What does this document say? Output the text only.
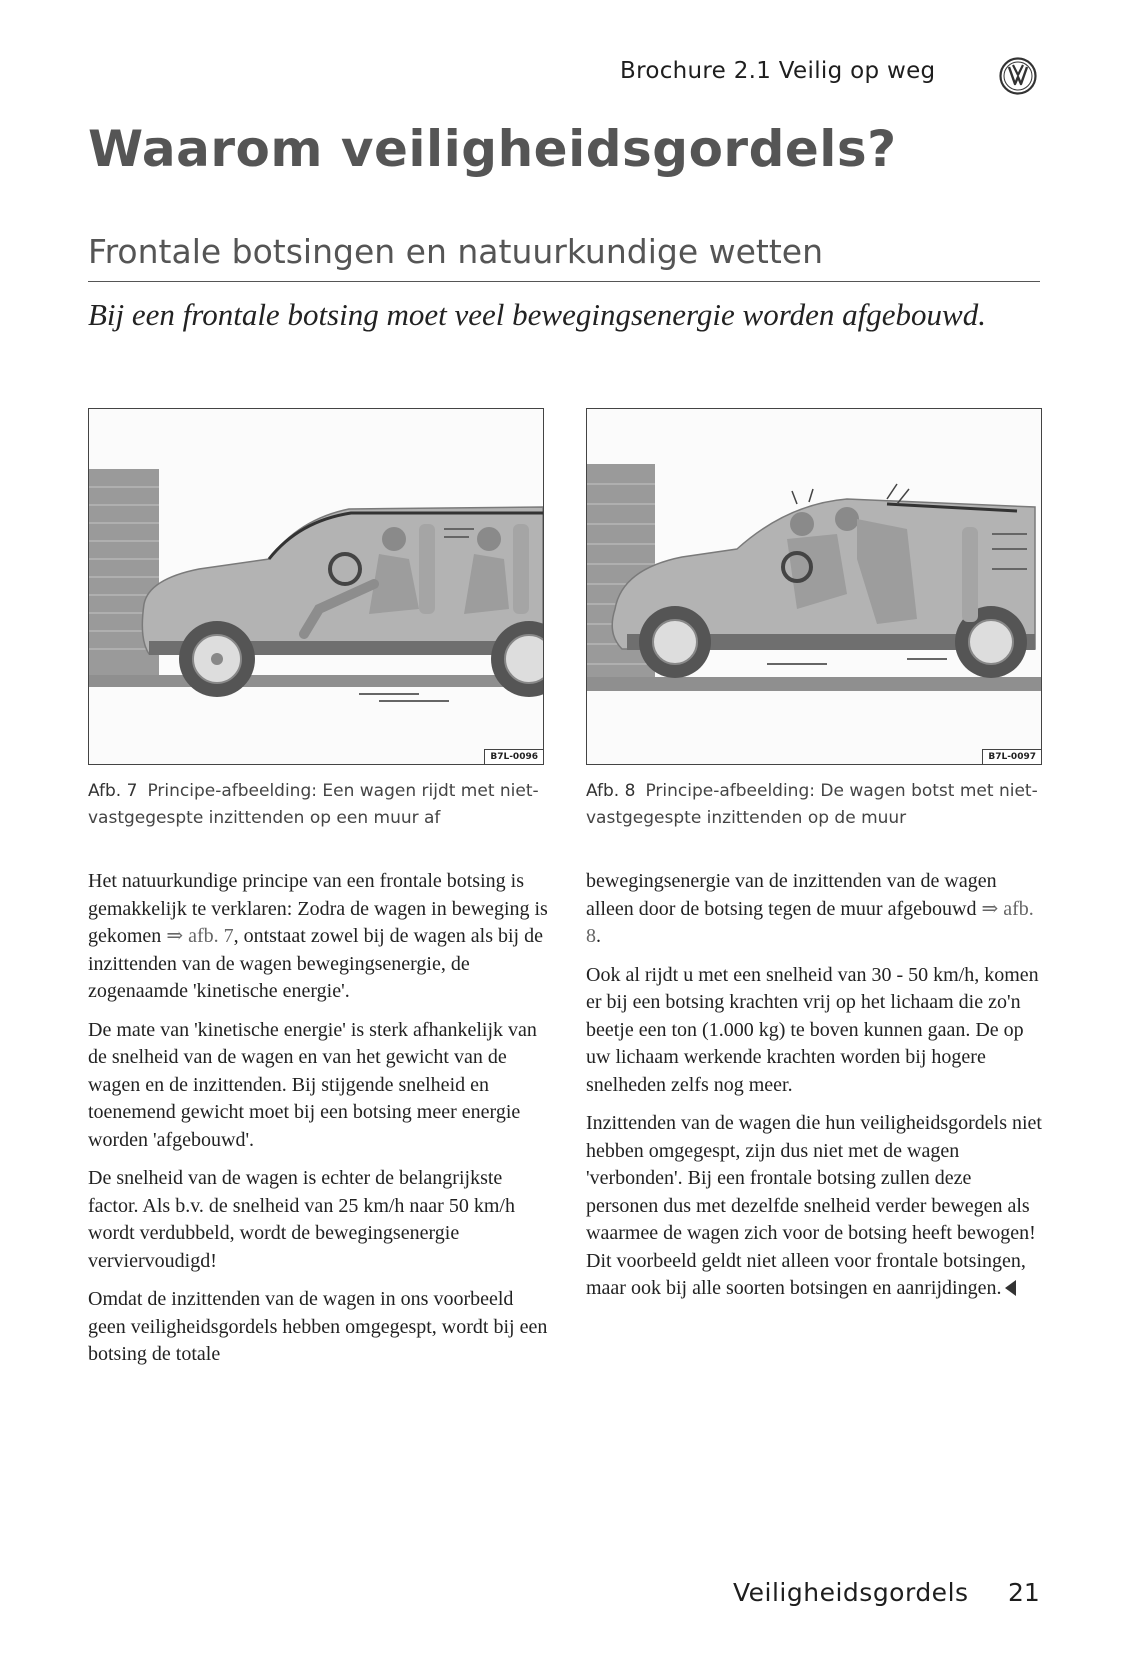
Brochure 2.1 Veilig op weg
Waarom veiligheidsgordels?
Frontale botsingen en natuurkundige wetten

Bij een frontale botsing moet veel bewegingsenergie worden afgebouwd.

B7L-0096	B7L-0097
Afb. 7 Principe-afbeelding: Een wagen rijdt met niet-vastgegespte inzittenden op een muur af
Afb. 8 Principe-afbeelding: De wagen botst met niet-vastgegespte inzittenden op de muur

Het natuurkundige principe van een frontale botsing is gemakkelijk te verklaren: Zodra de wagen in beweging is gekomen ⇒ afb. 7, ontstaat zowel bij de wagen als bij de inzittenden van de wagen bewegingsenergie, de zogenaamde 'kinetische energie'.

De mate van 'kinetische energie' is sterk afhankelijk van de snelheid van de wagen en van het gewicht van de wagen en de inzittenden. Bij stijgende snelheid en toenemend gewicht moet bij een botsing meer energie worden 'afgebouwd'.

De snelheid van de wagen is echter de belangrijkste factor. Als b.v. de snelheid van 25 km/h naar 50 km/h wordt verdubbeld, wordt de bewegingsenergie verviervoudigd!

Omdat de inzittenden van de wagen in ons voorbeeld geen veiligheidsgordels hebben omgegespt, wordt bij een botsing de totale

bewegingsenergie van de inzittenden van de wagen alleen door de botsing tegen de muur afgebouwd ⇒ afb. 8.

Ook al rijdt u met een snelheid van 30 - 50 km/h, komen er bij een botsing krachten vrij op het lichaam die zo'n beetje een ton (1.000 kg) te boven kunnen gaan. De op uw lichaam werkende krachten worden bij hogere snelheden zelfs nog meer.

Inzittenden van de wagen die hun veiligheidsgordels niet hebben omgegespt, zijn dus niet met de wagen 'verbonden'. Bij een frontale botsing zullen deze personen dus met dezelfde snelheid verder bewegen als waarmee de wagen zich voor de botsing heeft bewogen! Dit voorbeeld geldt niet alleen voor frontale botsingen, maar ook bij alle soorten botsingen en aanrijdingen.

Veiligheidsgordels 21
